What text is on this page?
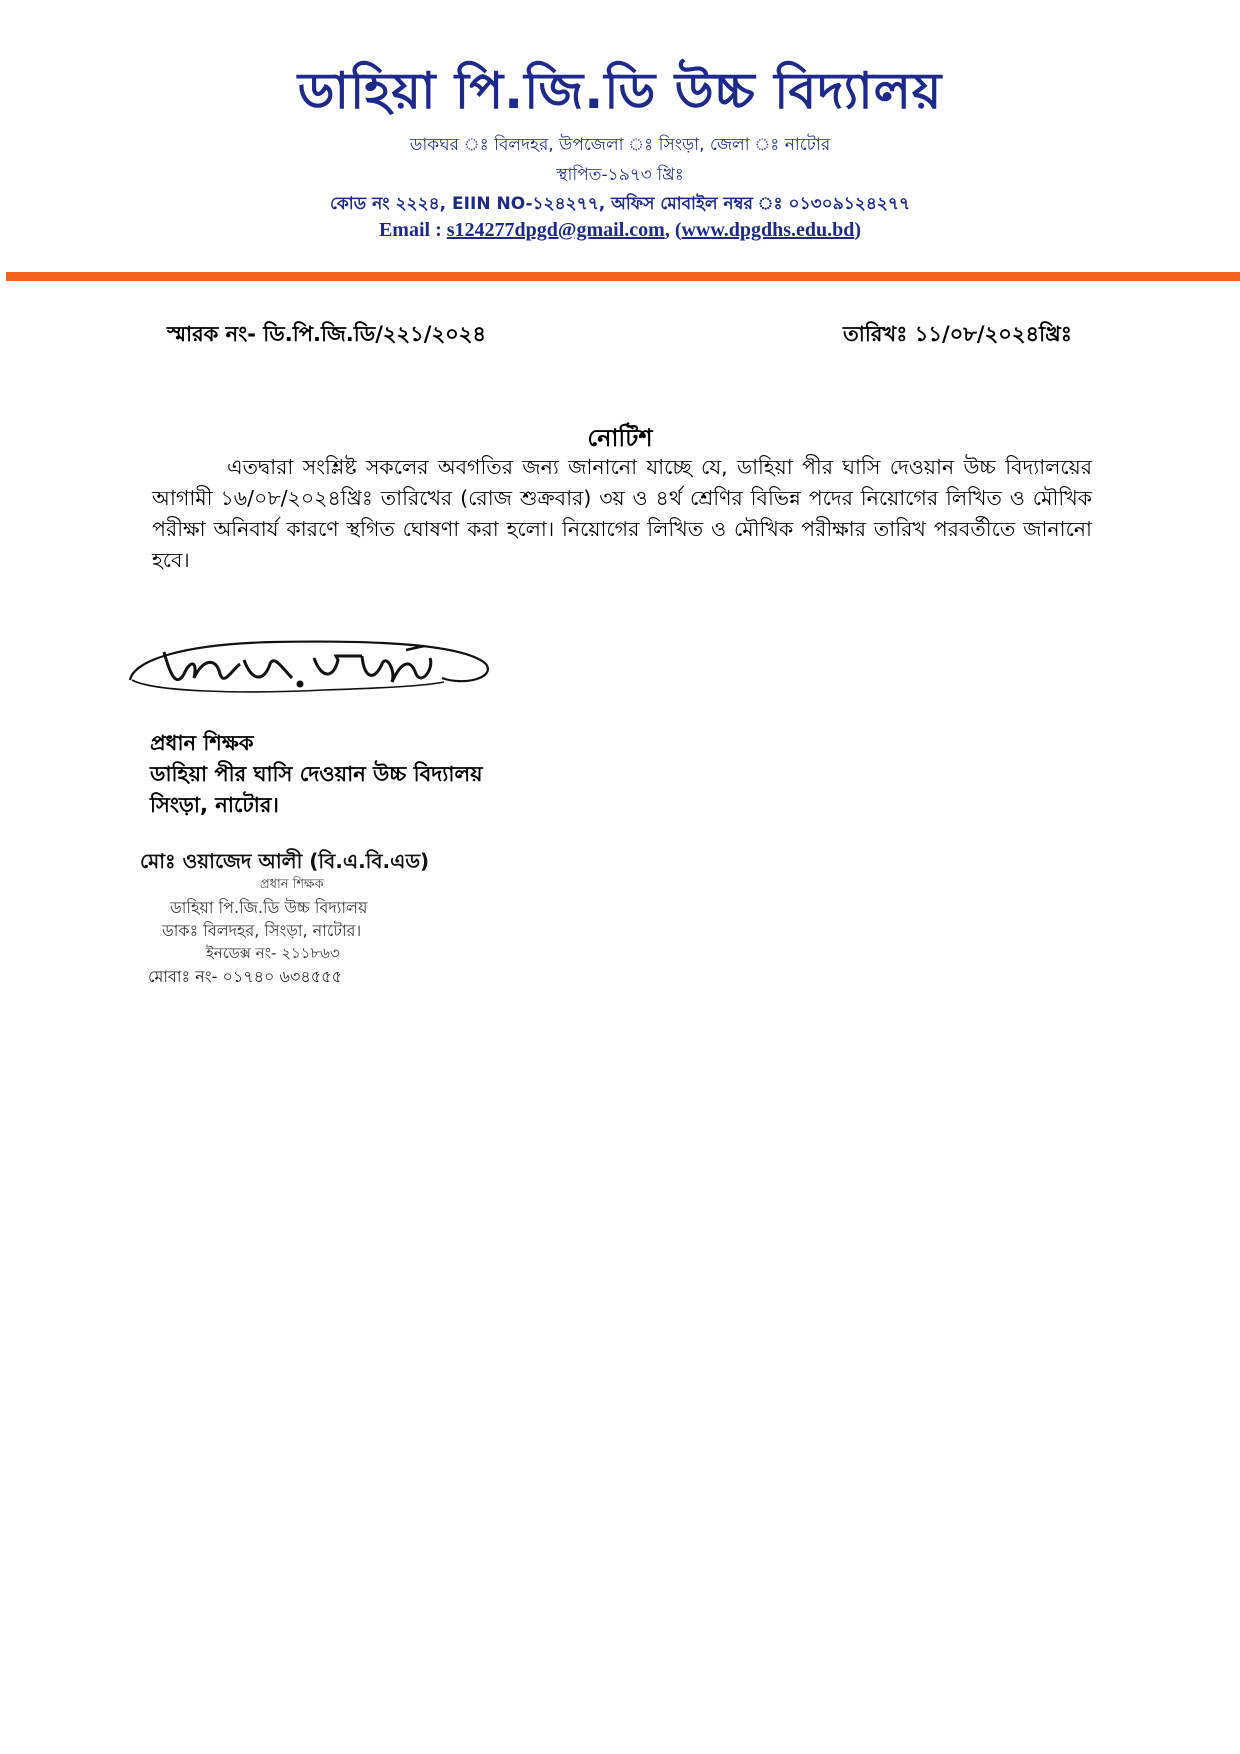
ডাহিয়া পি.জি.ডি উচ্চ বিদ্যালয়
ডাকঘর ঃ বিলদহর, উপজেলা ঃ সিংড়া, জেলা ঃ নাটোর
স্থাপিত-১৯৭৩ খ্রিঃ
কোড নং ২২২৪, EIIN NO-১২৪২৭৭, অফিস মোবাইল নম্বর ঃ ০১৩০৯১২৪২৭৭
Email : s124277dpgd@gmail.com, (www.dpgdhs.edu.bd)
স্মারক নং- ডি.পি.জি.ডি/২২১/২০২৪	তারিখঃ ১১/০৮/২০২৪খ্রিঃ
নোটিশ
এতদ্বারা সংশ্লিষ্ট সকলের অবগতির জন্য জানানো যাচ্ছে যে, ডাহিয়া পীর ঘাসি দেওয়ান উচ্চ বিদ্যালয়ের আগামী ১৬/০৮/২০২৪খ্রিঃ তারিখের (রোজ শুক্রবার) ৩য় ও ৪র্থ শ্রেণির বিভিন্ন পদের নিয়োগের লিখিত ও মৌখিক পরীক্ষা অনিবার্য কারণে স্থগিত ঘোষণা করা হলো। নিয়োগের লিখিত ও মৌখিক পরীক্ষার তারিখ পরবর্তীতে জানানো হবে।
প্রধান শিক্ষক
ডাহিয়া পীর ঘাসি দেওয়ান উচ্চ বিদ্যালয়
সিংড়া, নাটোর।
মোঃ ওয়াজেদ আলী (বি.এ.বি.এড)
প্রধান শিক্ষক
ডাহিয়া পি.জি.ডি উচ্চ বিদ্যালয়
ডাকঃ বিলদহর, সিংড়া, নাটোর।
ইনডেক্স নং- ২১১৮৬৩
মোবাঃ নং- ০১৭৪০ ৬৩৪৫৫৫
